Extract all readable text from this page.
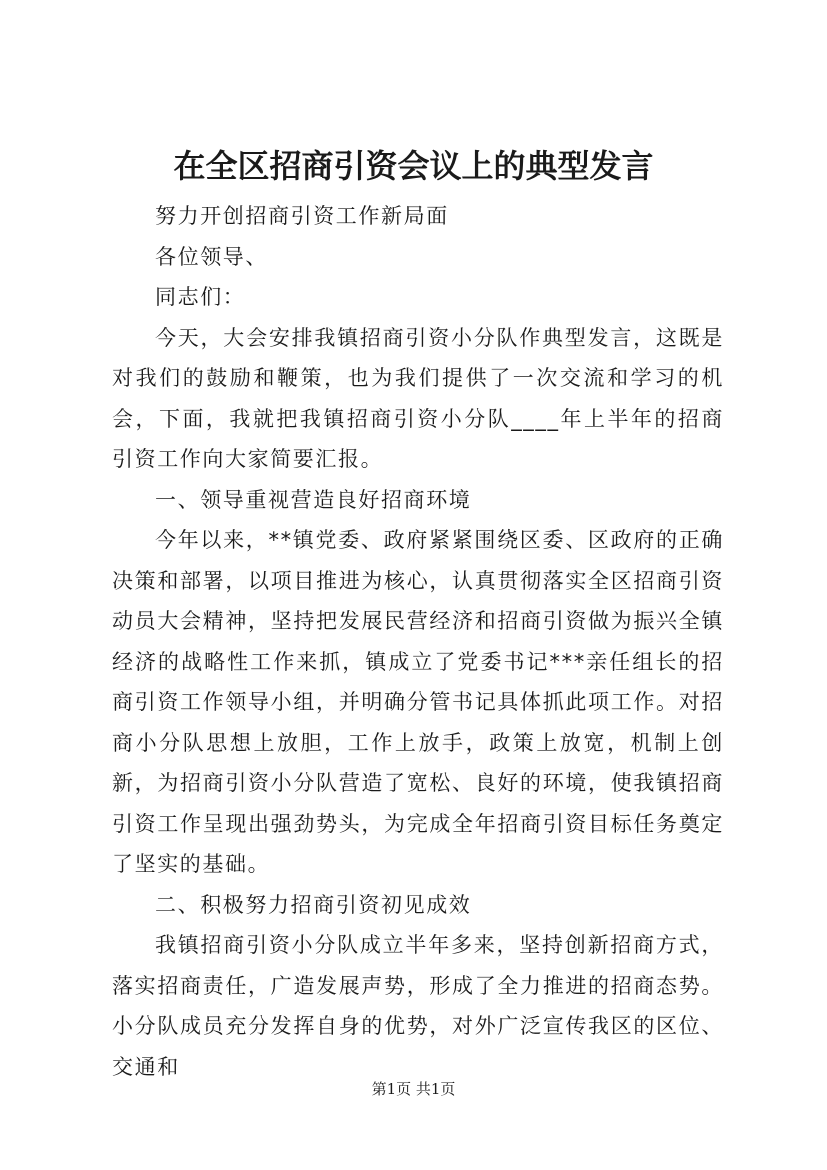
在全区招商引资会议上的典型发言

努力开创招商引资工作新局面

各位领导、

同志们：

今天，大会安排我镇招商引资小分队作典型发言，这既是对我们的鼓励和鞭策，也为我们提供了一次交流和学习的机会，下面，我就把我镇招商引资小分队____年上半年的招商引资工作向大家简要汇报。

一、领导重视营造良好招商环境

今年以来，**镇党委、政府紧紧围绕区委、区政府的正确决策和部署，以项目推进为核心，认真贯彻落实全区招商引资动员大会精神，坚持把发展民营经济和招商引资做为振兴全镇经济的战略性工作来抓，镇成立了党委书记***亲任组长的招商引资工作领导小组，并明确分管书记具体抓此项工作。对招商小分队思想上放胆，工作上放手，政策上放宽，机制上创新，为招商引资小分队营造了宽松、良好的环境，使我镇招商引资工作呈现出强劲势头，为完成全年招商引资目标任务奠定了坚实的基础。

二、积极努力招商引资初见成效

我镇招商引资小分队成立半年多来，坚持创新招商方式，落实招商责任，广造发展声势，形成了全力推进的招商态势。小分队成员充分发挥自身的优势，对外广泛宣传我区的区位、交通和

第1页 共1页
